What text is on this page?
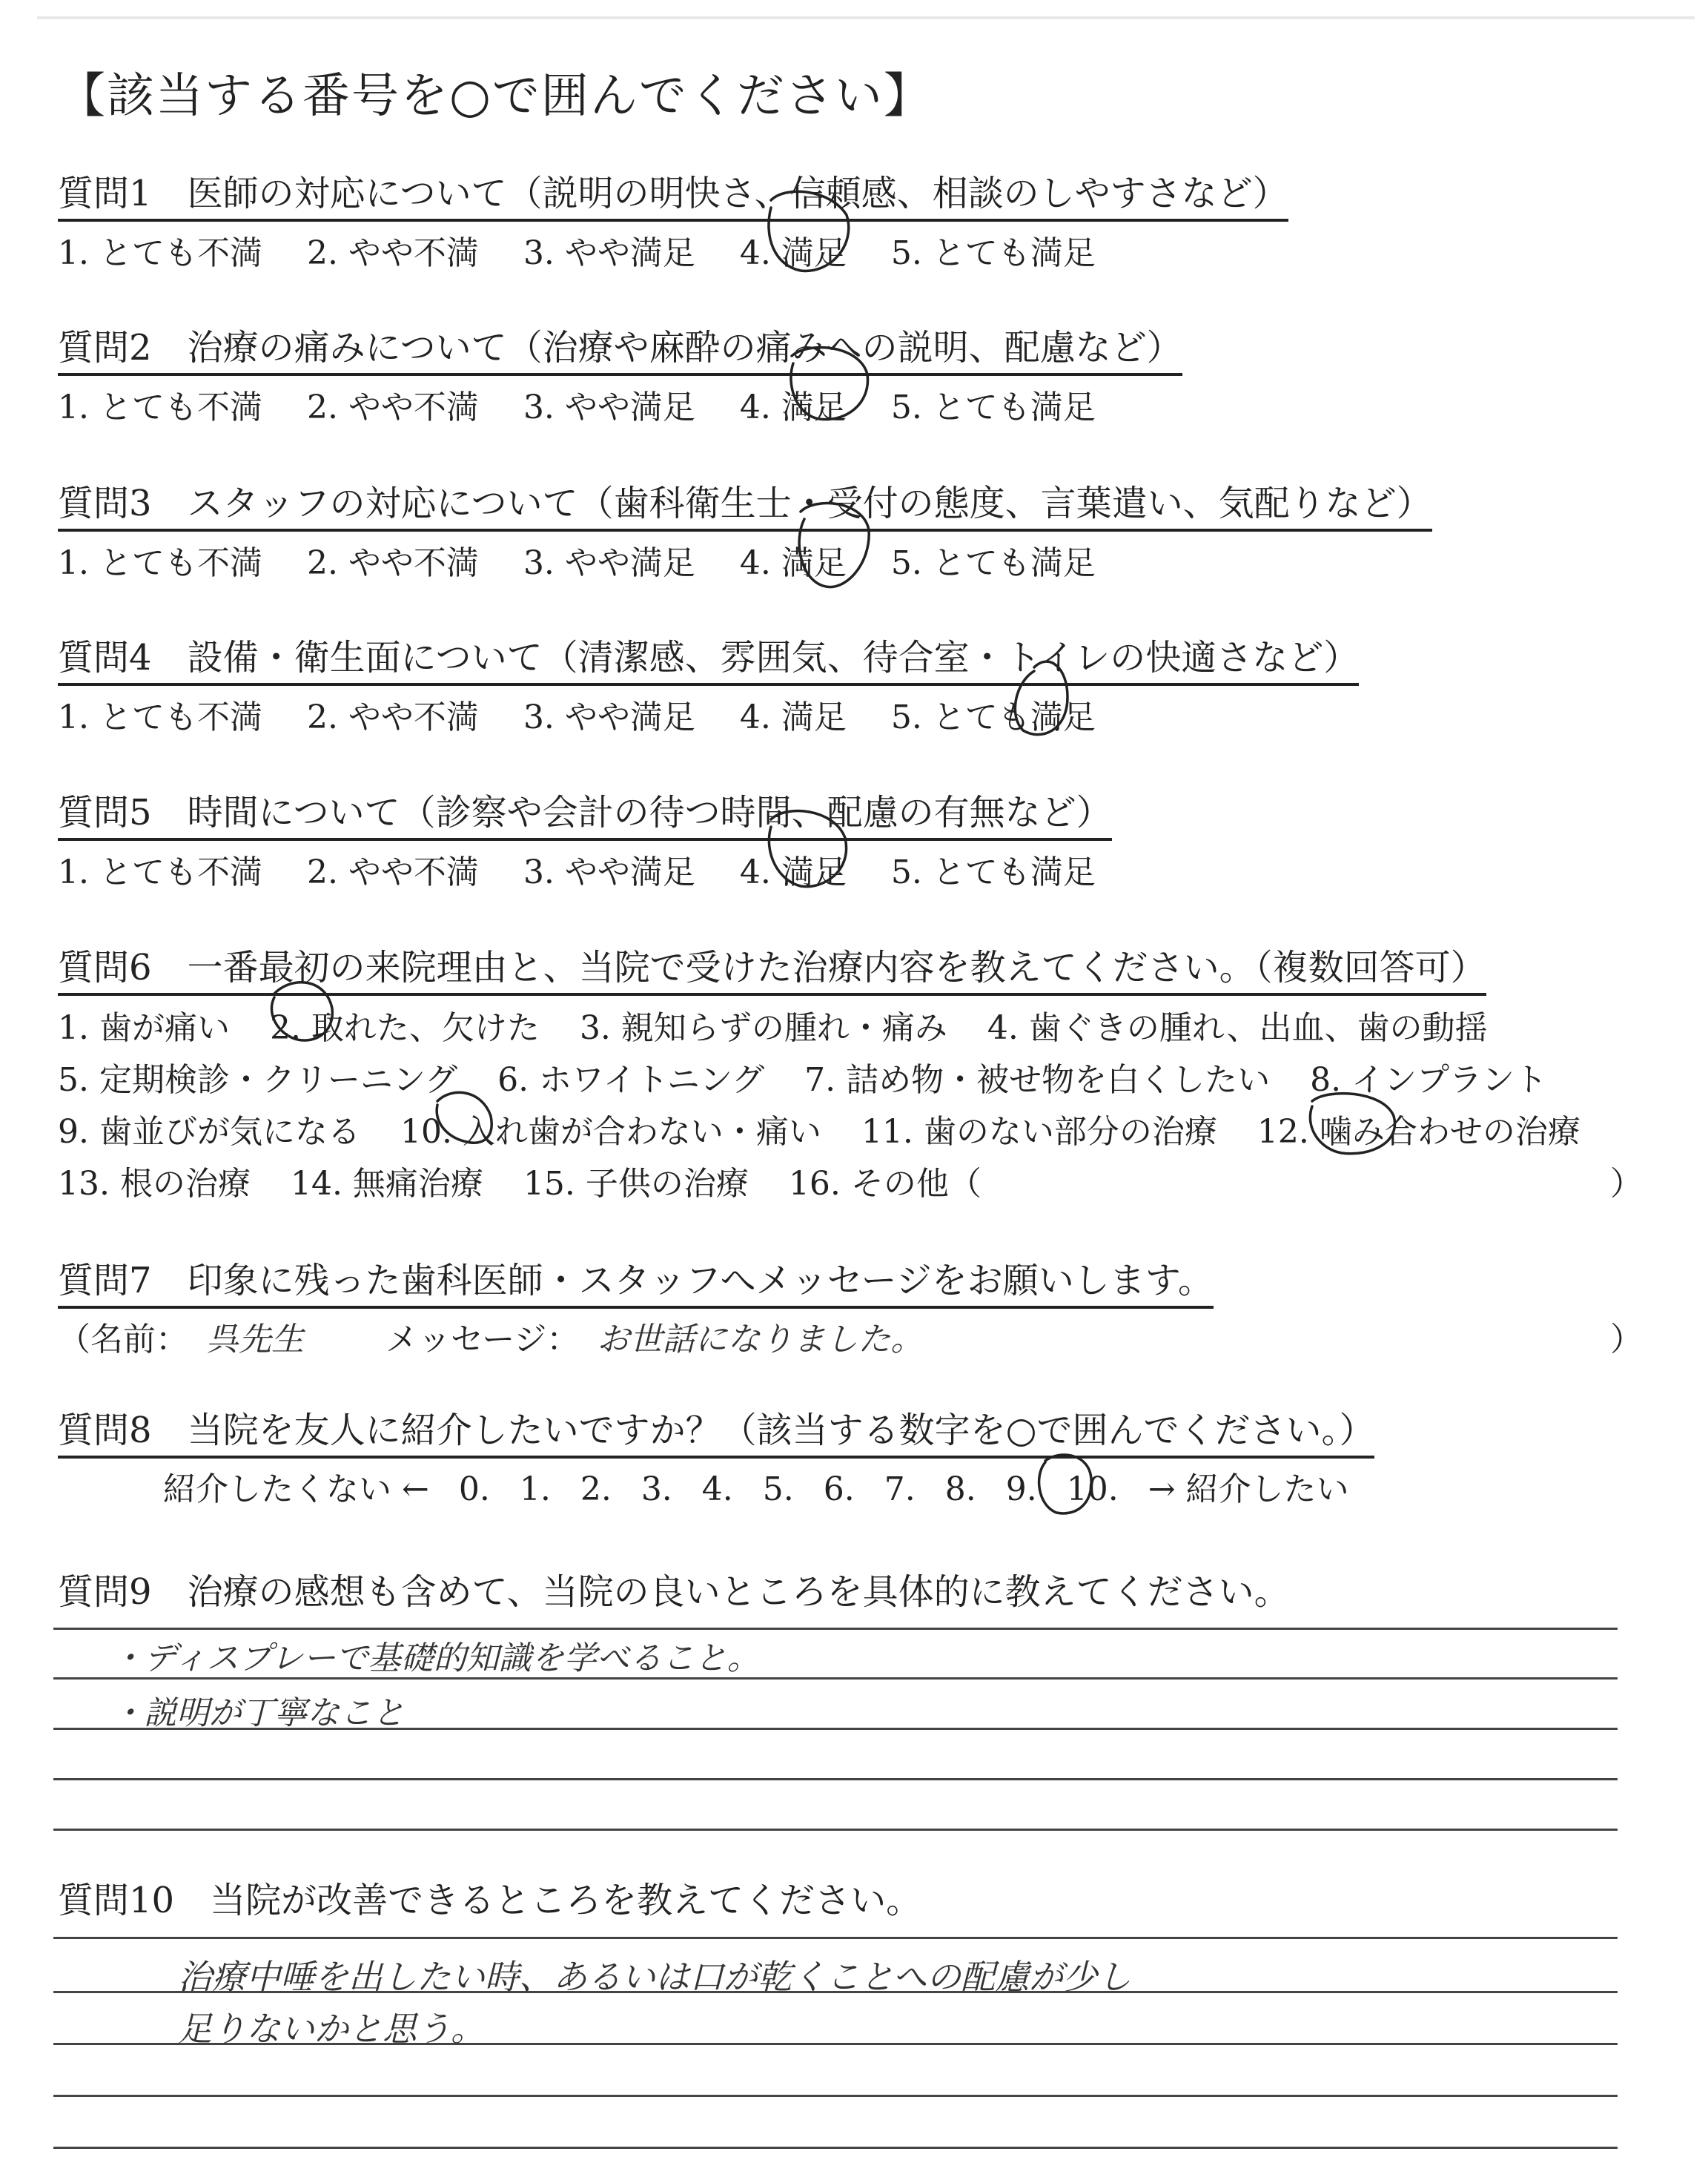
【該当する番号を○で囲んでください】
質問1　 医師の対応について（説明の明快さ、信頼感、相談のしやすさなど）
1. とても不満 2. やや不満 3. やや満足 4. 満足 5. とても満足
質問2　 治療の痛みについて（治療や麻酔の痛みへの説明、配慮など）
1. とても不満 2. やや不満 3. やや満足 4. 満足 5. とても満足
質問3　 スタッフの対応について（歯科衛生士・受付の態度、言葉遣い、気配りなど）
1. とても不満 2. やや不満 3. やや満足 4. 満足 5. とても満足
質問4　 設備・衛生面について（清潔感、雰囲気、待合室・トイレの快適さなど）
1. とても不満 2. やや不満 3. やや満足 4. 満足 5. とても満足
質問5　 時間について（診察や会計の待つ時間、配慮の有無など）
1. とても不満 2. やや不満 3. やや満足 4. 満足 5. とても満足
質問6　 一番最初の来院理由と、当院で受けた治療内容を教えてください。（複数回答可）
1. 歯が痛い 2. 取れた、欠けた 3. 親知らずの腫れ・痛み 4. 歯ぐきの腫れ、出血、歯の動揺
5. 定期検診・クリーニング 6. ホワイトニング 7. 詰め物・被せ物を白くしたい 8. インプラント
9. 歯並びが気になる 10. 入れ歯が合わない・痛い 11. 歯のない部分の治療 12. 噛み合わせの治療
13. 根の治療 14. 無痛治療 15. 子供の治療 16. その他（	）
質問7　 印象に残った歯科医師・スタッフへメッセージをお願いします。
（名前： 呉先生	メッセージ： お世話になりました。	）
質問8　 当院を友人に紹介したいですか？（該当する数字を○で囲んでください。）
紹介したくない ← 0. 1. 2. 3. 4. 5. 6. 7. 8. 9. 10. → 紹介したい
質問9　 治療の感想も含めて、当院の良いところを具体的に教えてください。
・ディスプレーで基礎的知識を学べること。
・説明が丁寧なこと
質問10　 当院が改善できるところを教えてください。
治療中唾を出したい時、あるいは口が乾くことへの配慮が少し
足りないかと思う。
